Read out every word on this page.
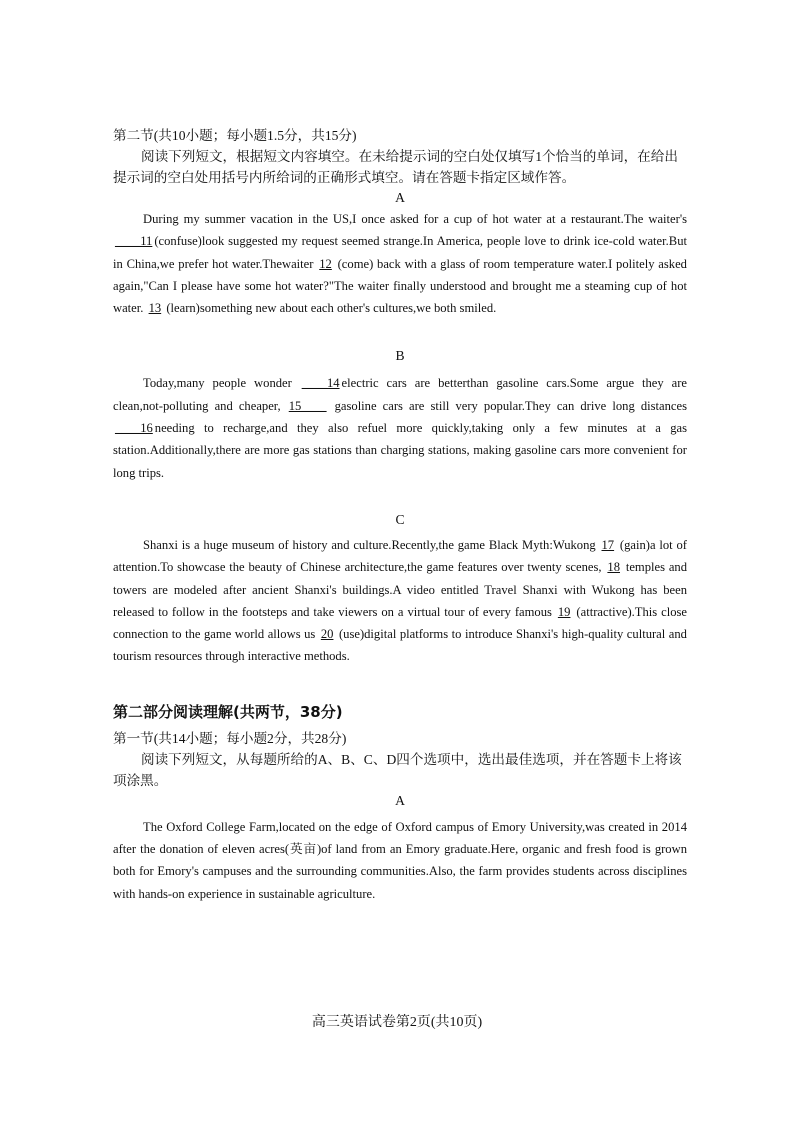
第二节(共10小题；每小题1.5分，共15分)

阅读下列短文，根据短文内容填空。在未给提示词的空白处仅填写1个恰当的单词，在给出提示词的空白处用括号内所给词的正确形式填空。请在答题卡指定区域作答。

A

During my summer vacation in the US,I once asked for a cup of hot water at a restaurant.The waiter's ____11 (confuse)look suggested my request seemed strange.In America, people love to drink ice-cold water.But in China,we prefer hot water.Thewaiter 12 (come) back with a glass of room temperature water.I politely asked again,"Can I please have some hot water?"The waiter finally understood and brought me a steaming cup of hot water. 13 (learn)something new about each other's cultures,we both smiled.

B

Today,many people wonder ____14 electric cars are betterthan gasoline cars.Some argue they are clean,not-polluting and cheaper, 15____ gasoline cars are still very popular.They can drive long distances ____16 needing to recharge,and they also refuel more quickly,taking only a few minutes at a gas station.Additionally,there are more gas stations than charging stations, making gasoline cars more convenient for long trips.

C

Shanxi is a huge museum of history and culture.Recently,the game Black Myth:Wukong 17 (gain)a lot of attention.To showcase the beauty of Chinese architecture,the game features over twenty scenes, 18 temples and towers are modeled after ancient Shanxi's buildings.A video entitled Travel Shanxi with Wukong has been released to follow in the footsteps and take viewers on a virtual tour of every famous 19 (attractive).This close connection to the game world allows us 20 (use)digital platforms to introduce Shanxi's high-quality cultural and tourism resources through interactive methods.

第二部分阅读理解(共两节，38分)

第一节(共14小题；每小题2分，共28分)

阅读下列短文，从每题所给的A、B、C、D四个选项中，选出最佳选项，并在答题卡上将该项涂黑。

A

The Oxford College Farm,located on the edge of Oxford campus of Emory University,was created in 2014 after the donation of eleven acres(英亩)of land from an Emory graduate.Here, organic and fresh food is grown both for Emory's campuses and the surrounding communities.Also, the farm provides students across disciplines with hands-on experience in sustainable agriculture.

高三英语试卷第2页(共10页)
